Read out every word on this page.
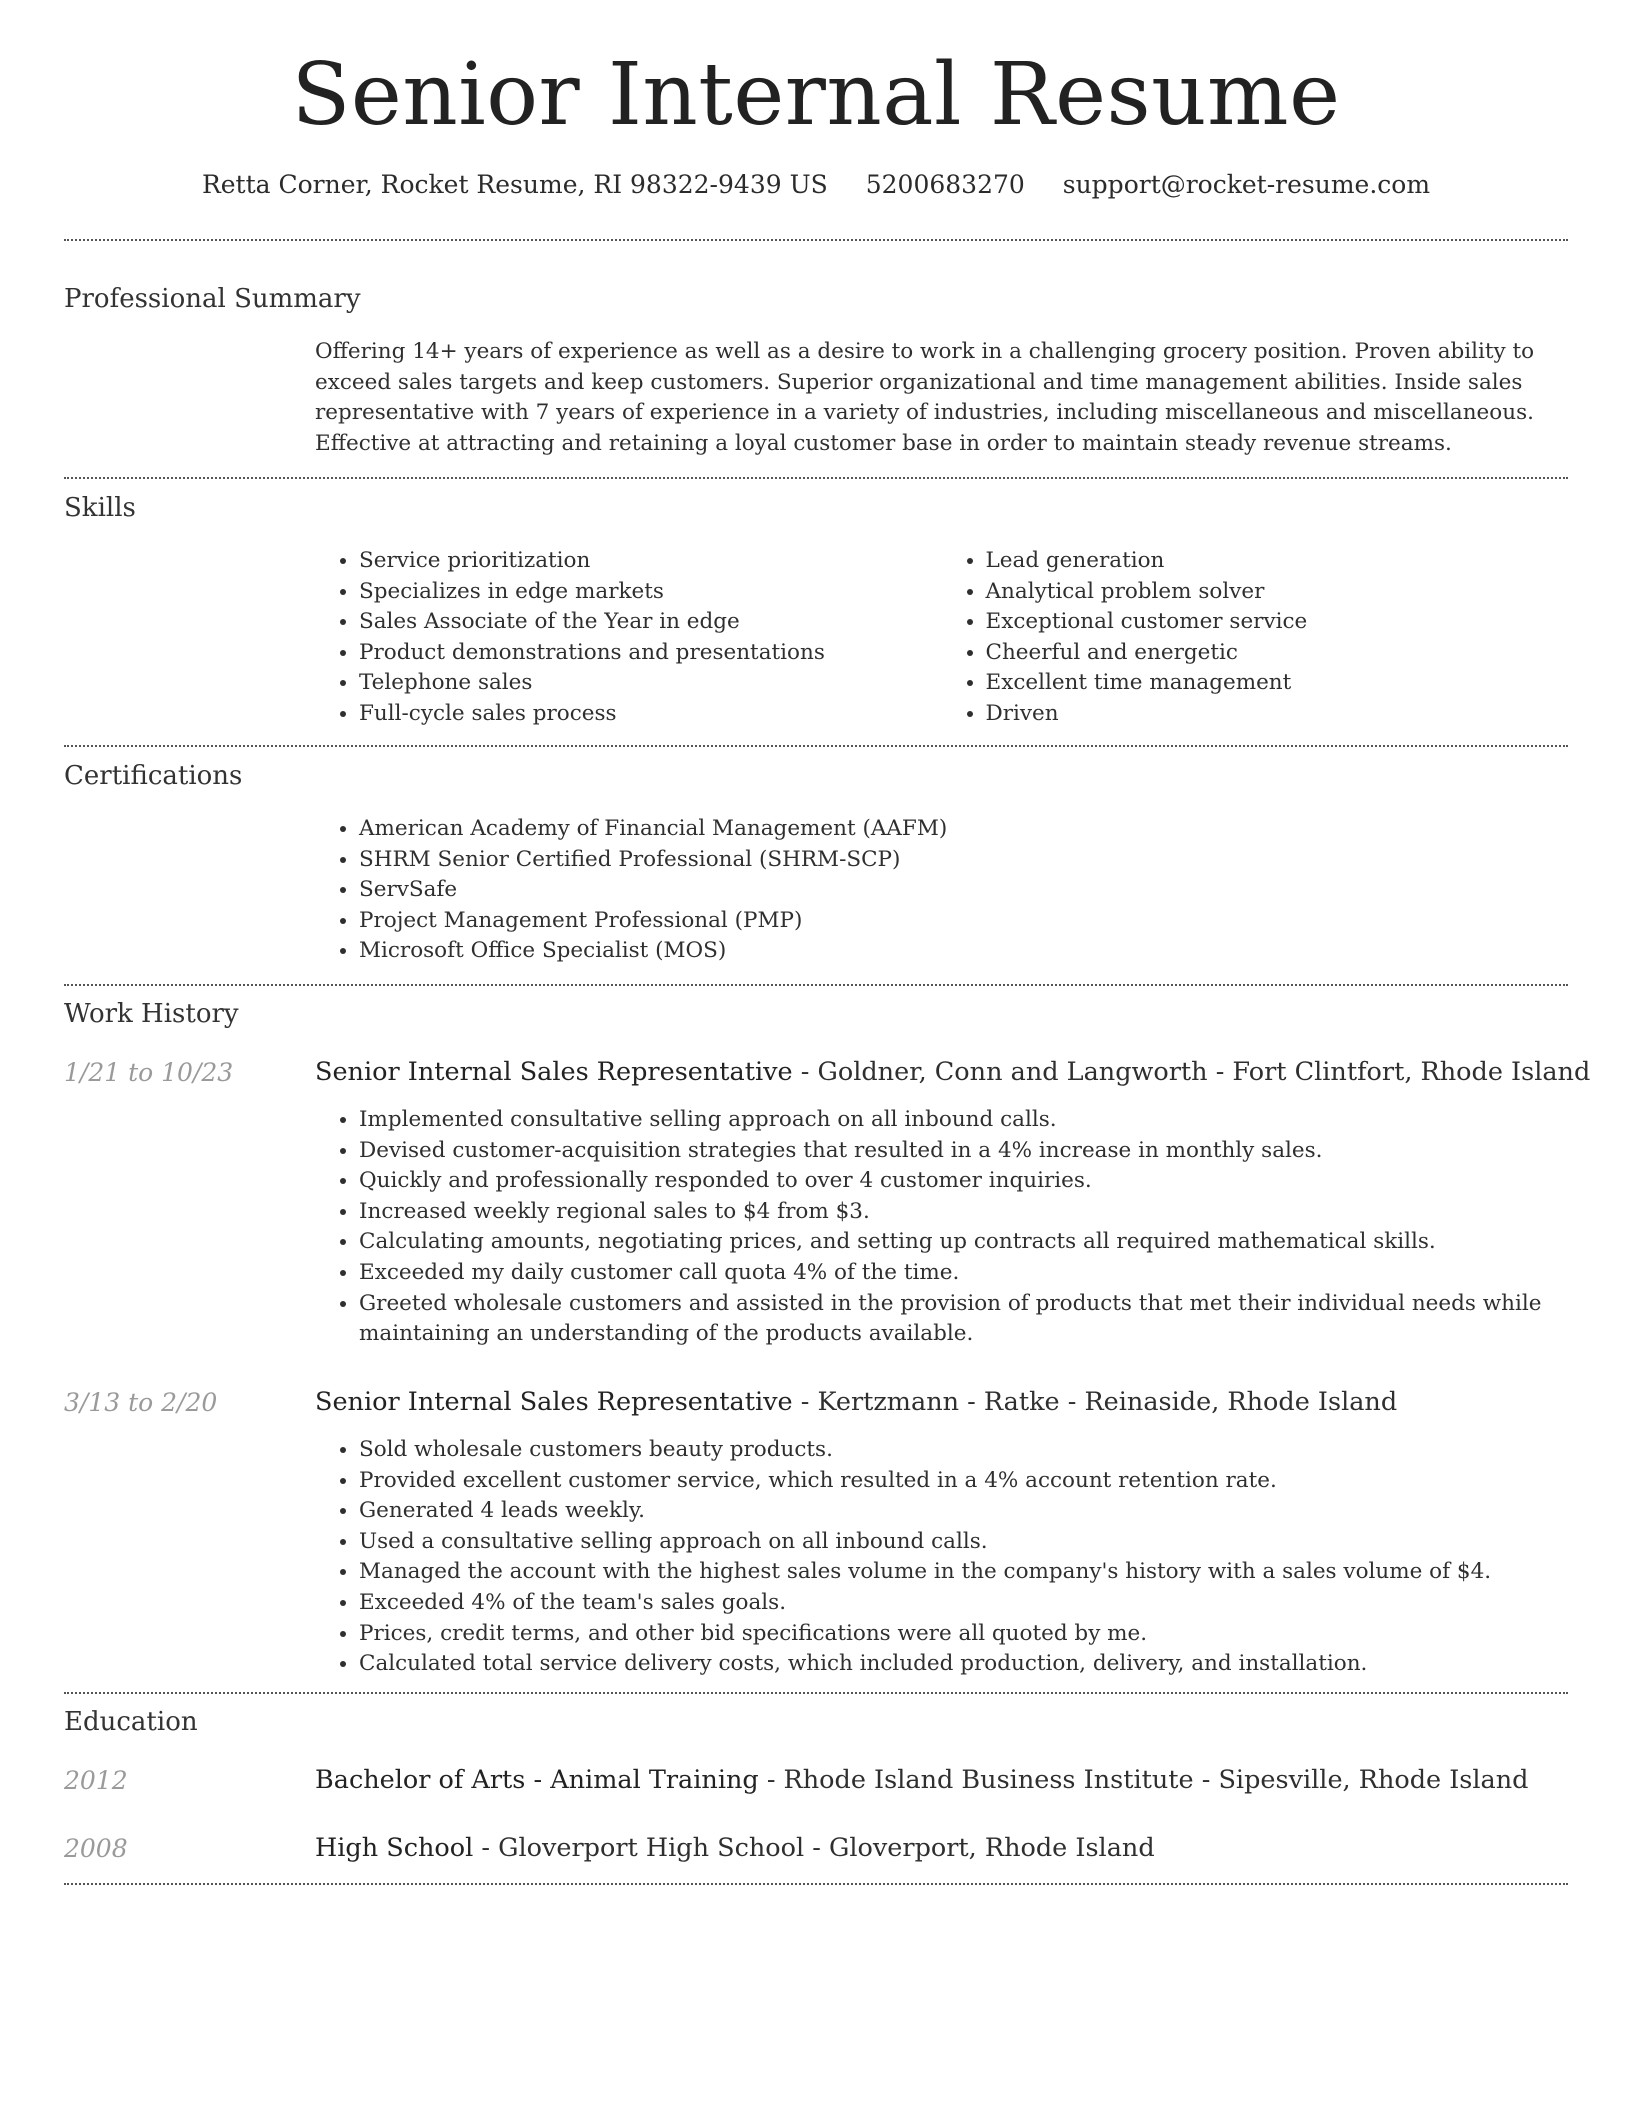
Senior Internal Resume
Retta Corner, Rocket Resume, RI 98322-9439 US 5200683270 support@rocket-resume.com
Professional Summary

Offering 14+ years of experience as well as a desire to work in a challenging grocery position. Proven ability to exceed sales targets and keep customers. Superior organizational and time management abilities. Inside sales representative with 7 years of experience in a variety of industries, including miscellaneous and miscellaneous. Effective at attracting and retaining a loyal customer base in order to maintain steady revenue streams.

Skills
• Service prioritization
• Specializes in edge markets
• Sales Associate of the Year in edge
• Product demonstrations and presentations
• Telephone sales
• Full-cycle sales process
• Lead generation
• Analytical problem solver
• Exceptional customer service
• Cheerful and energetic
• Excellent time management
• Driven
Certifications
• American Academy of Financial Management (AAFM)
• SHRM Senior Certified Professional (SHRM-SCP)
• ServSafe
• Project Management Professional (PMP)
• Microsoft Office Specialist (MOS)
Work History
1/21 to 10/23	Senior Internal Sales Representative - Goldner, Conn and Langworth - Fort Clintfort, Rhode Island
• Implemented consultative selling approach on all inbound calls.
• Devised customer-acquisition strategies that resulted in a 4% increase in monthly sales.
• Quickly and professionally responded to over 4 customer inquiries.
• Increased weekly regional sales to $4 from $3.
• Calculating amounts, negotiating prices, and setting up contracts all required mathematical skills.
• Exceeded my daily customer call quota 4% of the time.
• Greeted wholesale customers and assisted in the provision of products that met their individual needs while maintaining an understanding of the products available.
3/13 to 2/20	Senior Internal Sales Representative - Kertzmann - Ratke - Reinaside, Rhode Island
• Sold wholesale customers beauty products.
• Provided excellent customer service, which resulted in a 4% account retention rate.
• Generated 4 leads weekly.
• Used a consultative selling approach on all inbound calls.
• Managed the account with the highest sales volume in the company's history with a sales volume of $4.
• Exceeded 4% of the team's sales goals.
• Prices, credit terms, and other bid specifications were all quoted by me.
• Calculated total service delivery costs, which included production, delivery, and installation.
Education
2012	Bachelor of Arts - Animal Training - Rhode Island Business Institute - Sipesville, Rhode Island
2008	High School - Gloverport High School - Gloverport, Rhode Island
